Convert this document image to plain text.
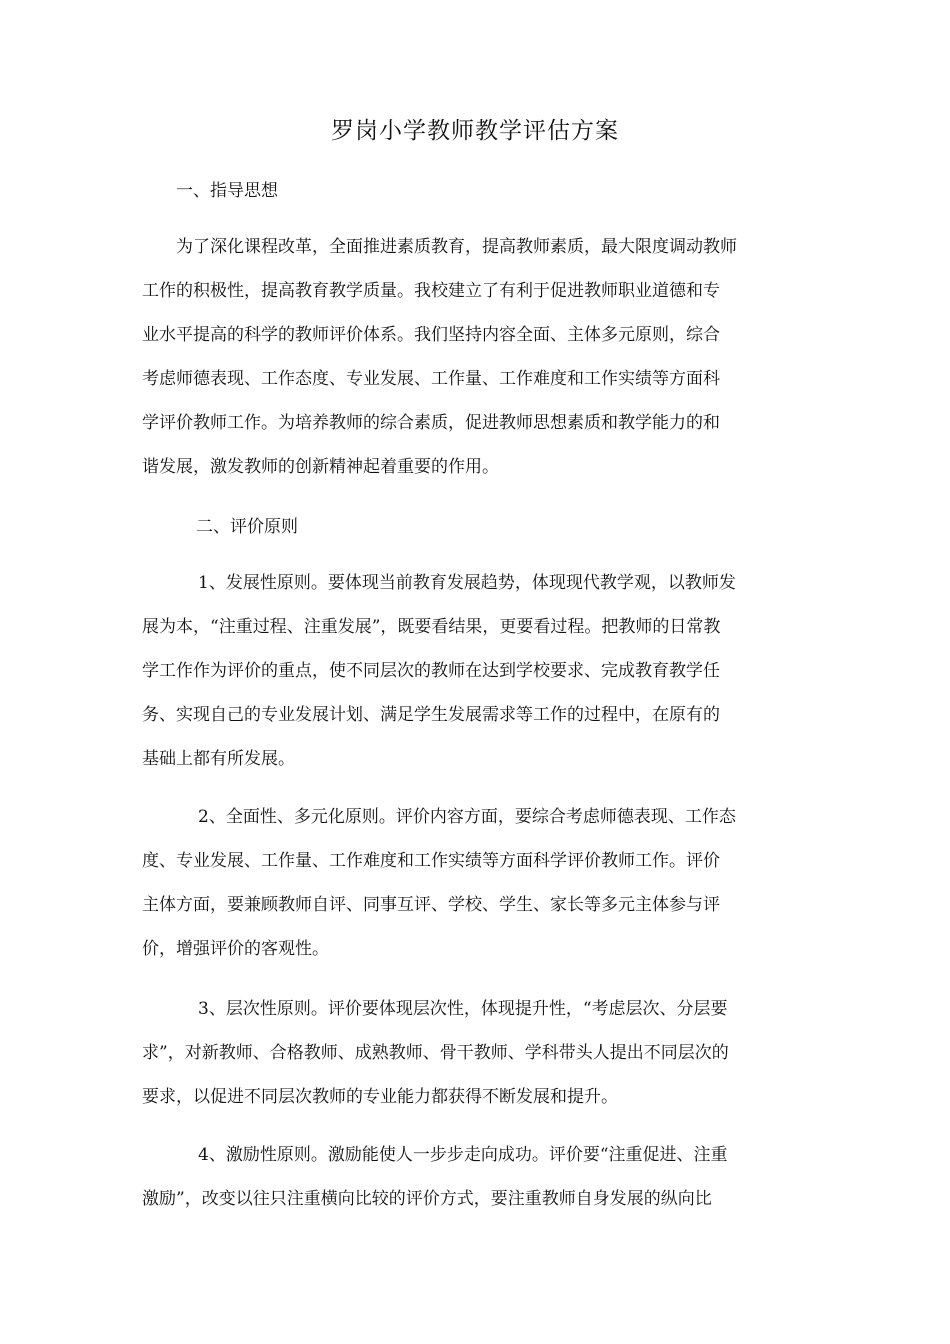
罗岗小学教师教学评估方案

一、指导思想

为了深化课程改革，全面推进素质教育，提高教师素质，最大限度调动教师

工作的积极性，提高教育教学质量。我校建立了有利于促进教师职业道德和专

业水平提高的科学的教师评价体系。我们坚持内容全面、主体多元原则，综合

考虑师德表现、工作态度、专业发展、工作量、工作难度和工作实绩等方面科

学评价教师工作。为培养教师的综合素质，促进教师思想素质和教学能力的和

谐发展，激发教师的创新精神起着重要的作用。

二、评价原则

1、发展性原则。要体现当前教育发展趋势，体现现代教学观，以教师发

展为本，“注重过程、注重发展”，既要看结果，更要看过程。把教师的日常教

学工作作为评价的重点，使不同层次的教师在达到学校要求、完成教育教学任

务、实现自己的专业发展计划、满足学生发展需求等工作的过程中，在原有的

基础上都有所发展。

2、全面性、多元化原则。评价内容方面，要综合考虑师德表现、工作态

度、专业发展、工作量、工作难度和工作实绩等方面科学评价教师工作。评价

主体方面，要兼顾教师自评、同事互评、学校、学生、家长等多元主体参与评

价，增强评价的客观性。

3、层次性原则。评价要体现层次性，体现提升性，“考虑层次、分层要

求”，对新教师、合格教师、成熟教师、骨干教师、学科带头人提出不同层次的

要求，以促进不同层次教师的专业能力都获得不断发展和提升。

4、激励性原则。激励能使人一步步走向成功。评价要“注重促进、注重

激励”，改变以往只注重横向比较的评价方式，要注重教师自身发展的纵向比
